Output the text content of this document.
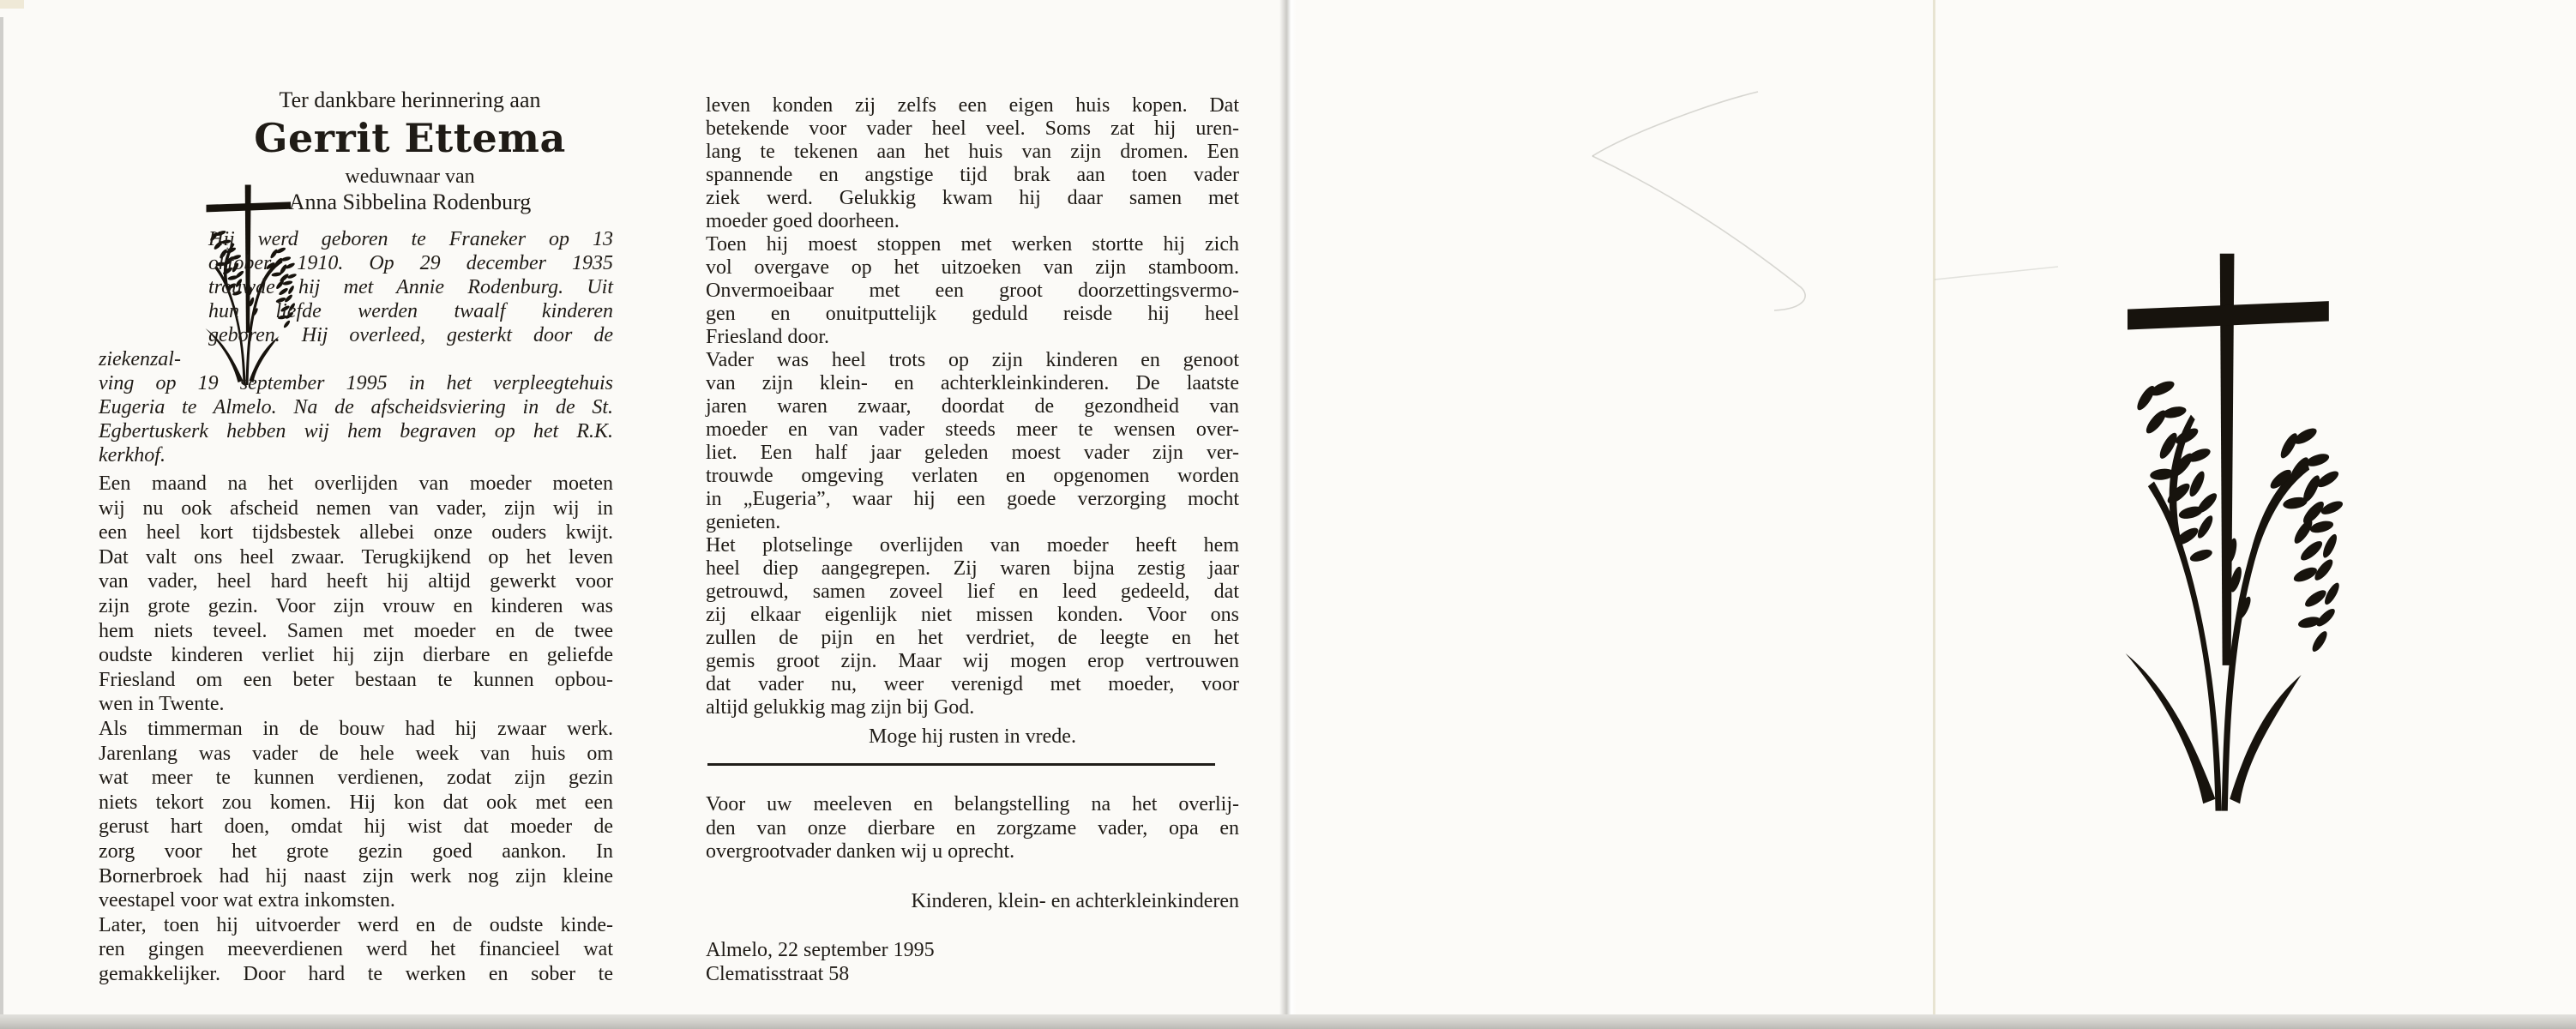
Ter dankbare herinnering aan
Gerrit Ettema
weduwnaar van
Anna Sibbelina Rodenburg
Hij werd geboren te Franeker op 13
oktober 1910. Op 29 december 1935
trouwde hij met Annie Rodenburg. Uit
hun liefde werden twaalf kinderen
geboren. Hij overleed, gesterkt door de ziekenzal-
ving op 19 september 1995 in het verpleegtehuis
Eugeria te Almelo. Na de afscheidsviering in de St.
Egbertuskerk hebben wij hem begraven op het R.K.
kerkhof.
Een maand na het overlijden van moeder moeten
wij nu ook afscheid nemen van vader, zijn wij in
een heel kort tijdsbestek allebei onze ouders kwijt.
Dat valt ons heel zwaar. Terugkijkend op het leven
van vader, heel hard heeft hij altijd gewerkt voor
zijn grote gezin. Voor zijn vrouw en kinderen was
hem niets teveel. Samen met moeder en de twee
oudste kinderen verliet hij zijn dierbare en geliefde
Friesland om een beter bestaan te kunnen opbou-
wen in Twente.
Als timmerman in de bouw had hij zwaar werk.
Jarenlang was vader de hele week van huis om
wat meer te kunnen verdienen, zodat zijn gezin
niets tekort zou komen. Hij kon dat ook met een
gerust hart doen, omdat hij wist dat moeder de
zorg voor het grote gezin goed aankon. In
Bornerbroek had hij naast zijn werk nog zijn kleine
veestapel voor wat extra inkomsten.
Later, toen hij uitvoerder werd en de oudste kinde-
ren gingen meeverdienen werd het financieel wat
gemakkelijker. Door hard te werken en sober te
leven konden zij zelfs een eigen huis kopen. Dat
betekende voor vader heel veel. Soms zat hij uren-
lang te tekenen aan het huis van zijn dromen. Een
spannende en angstige tijd brak aan toen vader
ziek werd. Gelukkig kwam hij daar samen met
moeder goed doorheen.
Toen hij moest stoppen met werken stortte hij zich
vol overgave op het uitzoeken van zijn stamboom.
Onvermoeibaar met een groot doorzettingsvermo-
gen en onuitputtelijk geduld reisde hij heel
Friesland door.
Vader was heel trots op zijn kinderen en genoot
van zijn klein- en achterkleinkinderen. De laatste
jaren waren zwaar, doordat de gezondheid van
moeder en van vader steeds meer te wensen over-
liet. Een half jaar geleden moest vader zijn ver-
trouwde omgeving verlaten en opgenomen worden
in „Eugeria”, waar hij een goede verzorging mocht
genieten.
Het plotselinge overlijden van moeder heeft hem
heel diep aangegrepen. Zij waren bijna zestig jaar
getrouwd, samen zoveel lief en leed gedeeld, dat
zij elkaar eigenlijk niet missen konden. Voor ons
zullen de pijn en het verdriet, de leegte en het
gemis groot zijn. Maar wij mogen erop vertrouwen
dat vader nu, weer verenigd met moeder, voor
altijd gelukkig mag zijn bij God.
Moge hij rusten in vrede.
Voor uw meeleven en belangstelling na het overlij-
den van onze dierbare en zorgzame vader, opa en
overgrootvader danken wij u oprecht.
Kinderen, klein- en achterkleinkinderen
Almelo, 22 september 1995
Clematisstraat 58
